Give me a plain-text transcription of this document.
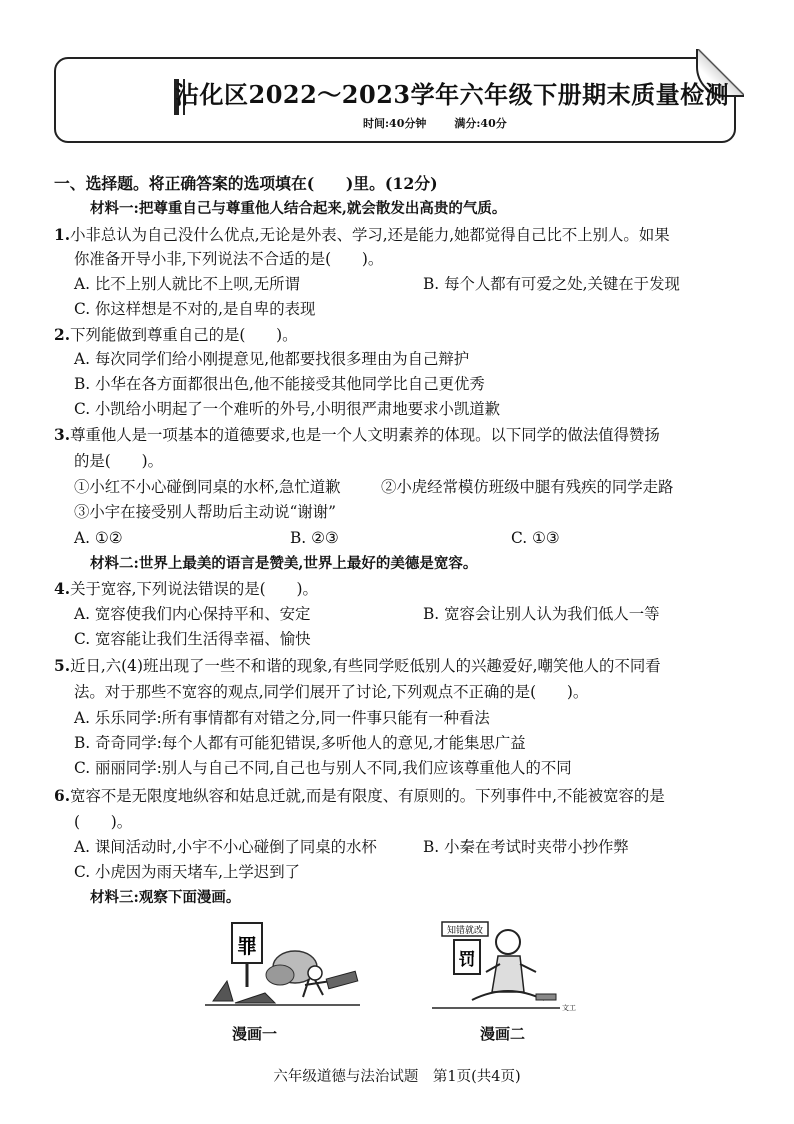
沾化区2022～2023学年六年级下册期末质量检测
时间:40分钟	满分:40分
一、选择题。将正确答案的选项填在(　　)里。(12分)
材料一:把尊重自己与尊重他人结合起来,就会散发出高贵的气质。
1.小非总认为自己没什么优点,无论是外表、学习,还是能力,她都觉得自己比不上别人。如果
你准备开导小非,下列说法不合适的是(　　)。
A. 比不上别人就比不上呗,无所谓	B. 每个人都有可爱之处,关键在于发现
C. 你这样想是不对的,是自卑的表现
2.下列能做到尊重自己的是(　　)。
A. 每次同学们给小刚提意见,他都要找很多理由为自己辩护
B. 小华在各方面都很出色,他不能接受其他同学比自己更优秀
C. 小凯给小明起了一个难听的外号,小明很严肃地要求小凯道歉
3.尊重他人是一项基本的道德要求,也是一个人文明素养的体现。以下同学的做法值得赞扬
的是(　　)。
①小红不小心碰倒同桌的水杯,急忙道歉	②小虎经常模仿班级中腿有残疾的同学走路
③小宇在接受别人帮助后主动说“谢谢”
A. ①②	B. ②③	C. ①③
材料二:世界上最美的语言是赞美,世界上最好的美德是宽容。
4.关于宽容,下列说法错误的是(　　)。
A. 宽容使我们内心保持平和、安定	B. 宽容会让别人认为我们低人一等
C. 宽容能让我们生活得幸福、愉快
5.近日,六(4)班出现了一些不和谐的现象,有些同学贬低别人的兴趣爱好,嘲笑他人的不同看
法。对于那些不宽容的观点,同学们展开了讨论,下列观点不正确的是(　　)。
A. 乐乐同学:所有事情都有对错之分,同一件事只能有一种看法
B. 奇奇同学:每个人都有可能犯错误,多听他人的意见,才能集思广益
C. 丽丽同学:别人与自己不同,自己也与别人不同,我们应该尊重他人的不同
6.宽容不是无限度地纵容和姑息迁就,而是有限度、有原则的。下列事件中,不能被宽容的是
(　　)。
A. 课间活动时,小宇不小心碰倒了同桌的水杯	B. 小秦在考试时夹带小抄作弊
C. 小虎因为雨天堵车,上学迟到了
材料三:观察下面漫画。
罪
漫画一
知错就改
罚
文工
漫画二
六年级道德与法治试题　第1页(共4页)
